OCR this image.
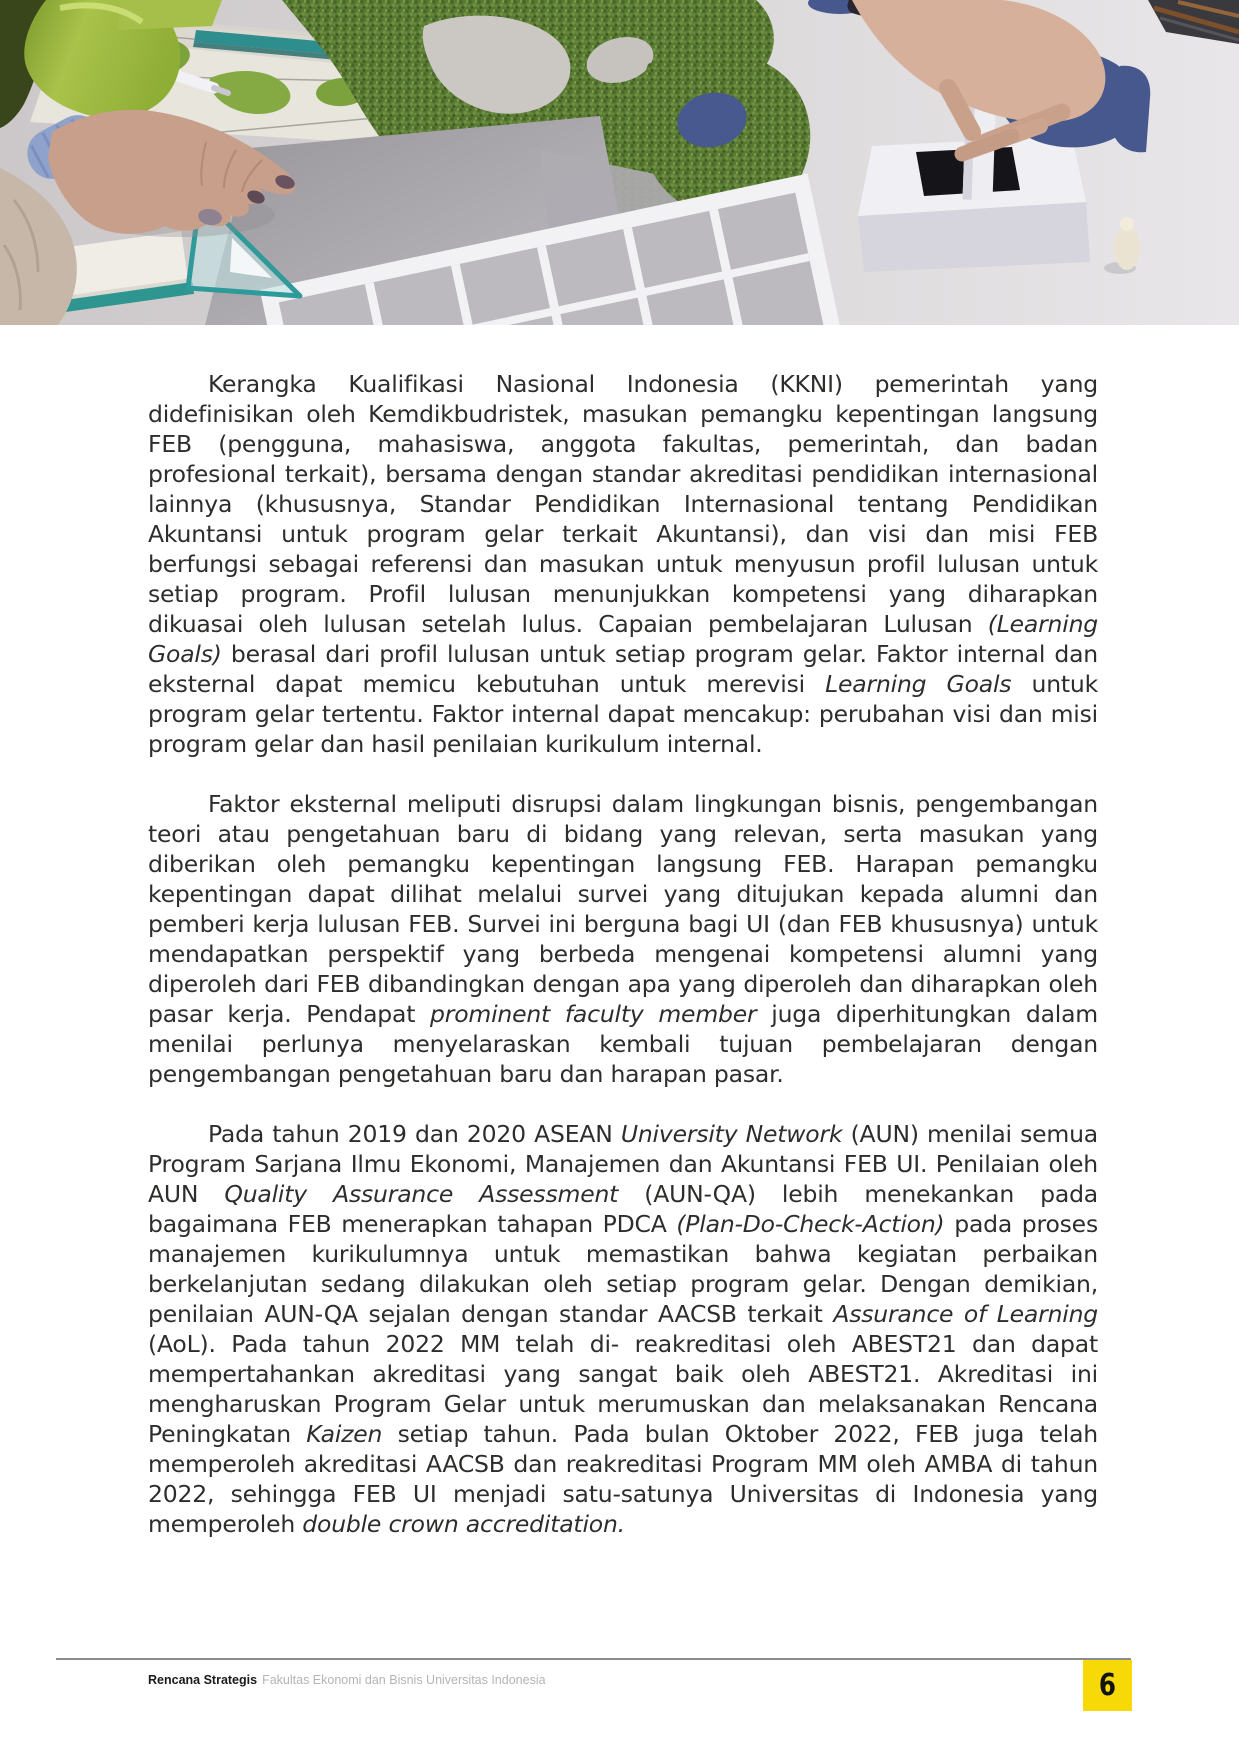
Kerangka Kualifikasi Nasional Indonesia (KKNI) pemerintah yang didefinisikan oleh Kemdikbudristek, masukan pemangku kepentingan langsung FEB (pengguna, mahasiswa, anggota fakultas, pemerintah, dan badan profesional terkait), bersama dengan standar akreditasi pendidikan internasional lainnya (khususnya, Standar Pendidikan Internasional tentang Pendidikan Akuntansi untuk program gelar terkait Akuntansi), dan visi dan misi FEB berfungsi sebagai referensi dan masukan untuk menyusun profil lulusan untuk setiap program. Profil lulusan menunjukkan kompetensi yang diharapkan dikuasai oleh lulusan setelah lulus. Capaian pembelajaran Lulusan (Learning Goals) berasal dari profil lulusan untuk setiap program gelar. Faktor internal dan eksternal dapat memicu kebutuhan untuk merevisi Learning Goals untuk program gelar tertentu. Faktor internal dapat mencakup: perubahan visi dan misi program gelar dan hasil penilaian kurikulum internal.

Faktor eksternal meliputi disrupsi dalam lingkungan bisnis, pengembangan teori atau pengetahuan baru di bidang yang relevan, serta masukan yang diberikan oleh pemangku kepentingan langsung FEB. Harapan pemangku kepentingan dapat dilihat melalui survei yang ditujukan kepada alumni dan pemberi kerja lulusan FEB. Survei ini berguna bagi UI (dan FEB khususnya) untuk mendapatkan perspektif yang berbeda mengenai kompetensi alumni yang diperoleh dari FEB dibandingkan dengan apa yang diperoleh dan diharapkan oleh pasar kerja. Pendapat prominent faculty member juga diperhitungkan dalam menilai perlunya menyelaraskan kembali tujuan pembelajaran dengan pengembangan pengetahuan baru dan harapan pasar.

Pada tahun 2019 dan 2020 ASEAN University Network (AUN) menilai semua Program Sarjana Ilmu Ekonomi, Manajemen dan Akuntansi FEB UI. Penilaian oleh AUN Quality Assurance Assessment (AUN-QA) lebih menekankan pada bagaimana FEB menerapkan tahapan PDCA (Plan-Do-Check-Action) pada proses manajemen kurikulumnya untuk memastikan bahwa kegiatan perbaikan berkelanjutan sedang dilakukan oleh setiap program gelar. Dengan demikian, penilaian AUN-QA sejalan dengan standar AACSB terkait Assurance of Learning (AoL). Pada tahun 2022 MM telah di- reakreditasi oleh ABEST21 dan dapat mempertahankan akreditasi yang sangat baik oleh ABEST21. Akreditasi ini mengharuskan Program Gelar untuk merumuskan dan melaksanakan Rencana Peningkatan Kaizen setiap tahun. Pada bulan Oktober 2022, FEB juga telah memperoleh akreditasi AACSB dan reakreditasi Program MM oleh AMBA di tahun 2022, sehingga FEB UI menjadi satu-satunya Universitas di Indonesia yang memperoleh double crown accreditation.

Rencana Strategis Fakultas Ekonomi dan Bisnis Universitas Indonesia	6
